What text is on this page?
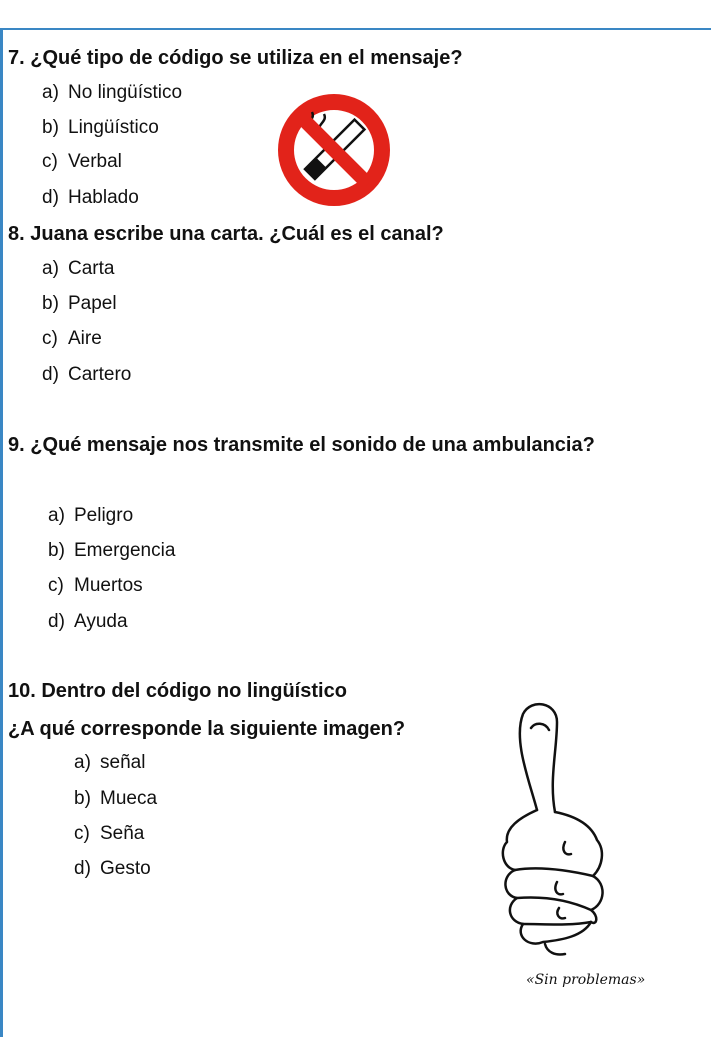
7. ¿Qué tipo de código se utiliza en el mensaje?
a) No lingüístico
b) Lingüístico
c) Verbal
d) Hablado
8. Juana escribe una carta. ¿Cuál es el canal?
a) Carta
b) Papel
c) Aire
d) Cartero
9. ¿Qué mensaje nos transmite el sonido de una ambulancia?
a) Peligro
b) Emergencia
c) Muertos
d) Ayuda
10. Dentro del código no lingüístico
¿A qué corresponde la siguiente imagen?
a) señal
b) Mueca
c) Seña
d) Gesto
«Sin problemas»
